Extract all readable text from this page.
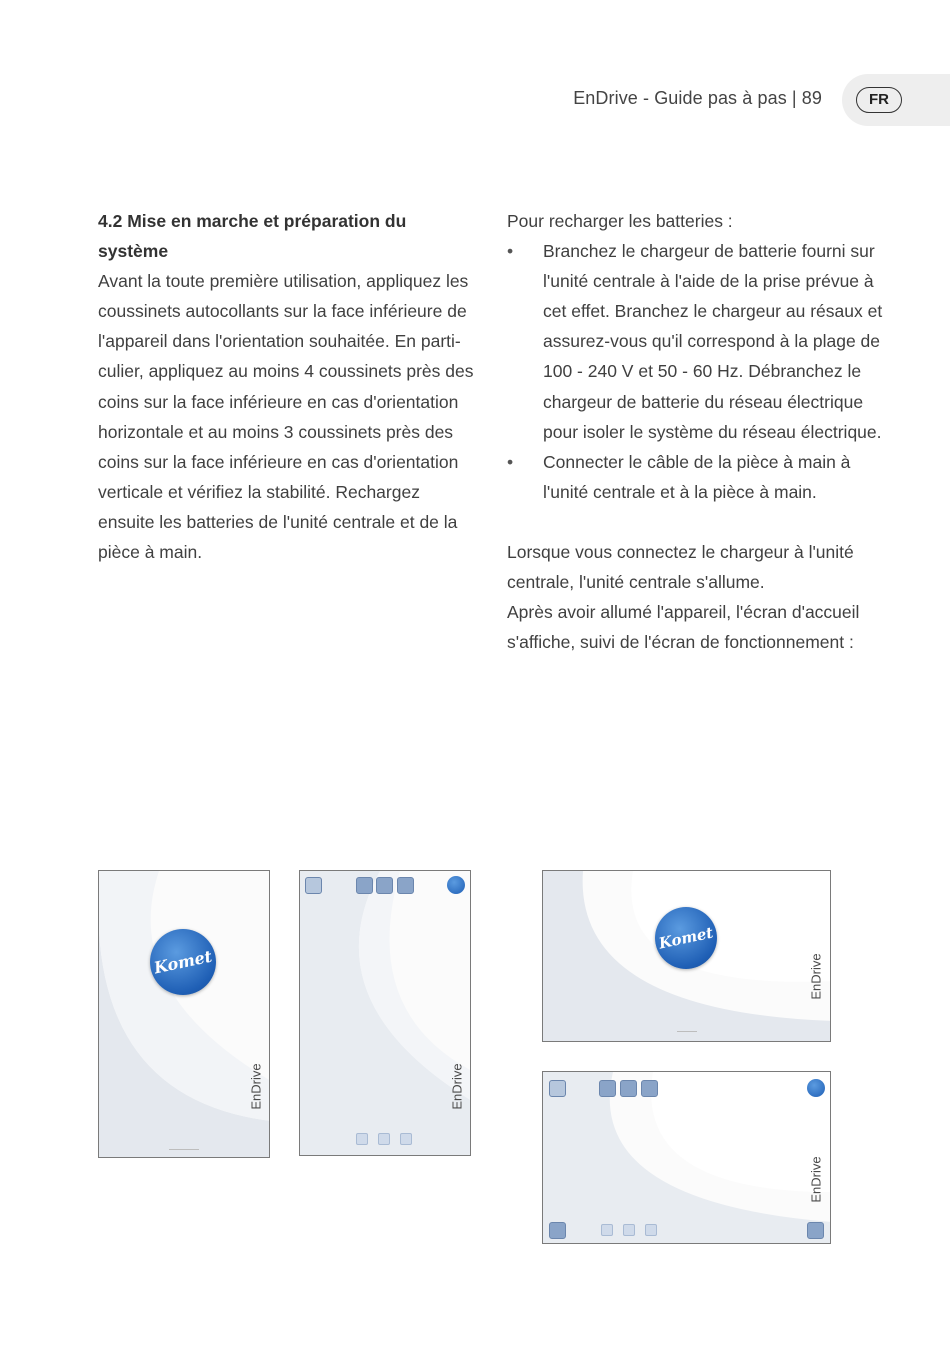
EnDrive - Guide pas à pas | 89	FR
4.2 Mise en marche et préparation du système

Avant la toute première utilisation, appliquez les coussinets autocollants sur la face inférieure de l'appareil dans l'orientation souhaitée. En parti-culier, appliquez au moins 4 coussinets près des coins sur la face inférieure en cas d'orientation horizontale et au moins 3 coussinets près des coins sur la face inférieure en cas d'orientation verticale et vérifiez la stabilité. Rechargez ensuite les batteries de l'unité centrale et de la pièce à main.

Pour recharger les batteries :

• Branchez le chargeur de batterie fourni sur l'unité centrale à l'aide de la prise prévue à cet effet. Branchez le chargeur au résaux et assurez-vous qu'il correspond à la plage de 100 - 240 V et 50 - 60 Hz. Débranchez le chargeur de batterie du réseau électrique pour isoler le système du réseau électrique.
• Connecter le câble de la pièce à main à l'unité centrale et à la pièce à main.

Lorsque vous connectez le chargeur à l'unité centrale, l'unité centrale s'allume.

Après avoir allumé l'appareil, l'écran d'accueil s'affiche, suivi de l'écran de fonctionnement :

Komet
EnDrive	EnDrive
Komet
EnDrive
EnDrive
